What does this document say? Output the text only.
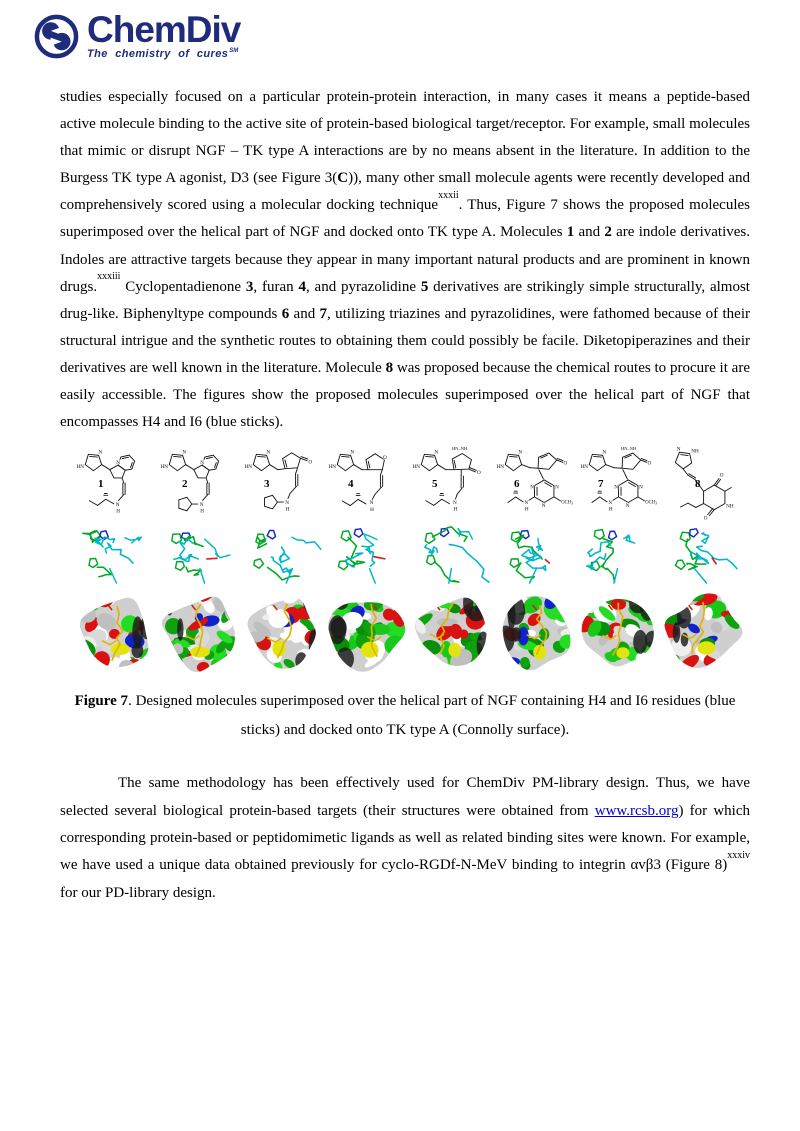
ChemDiv
The chemistry of cures℠

studies especially focused on a particular protein-protein interaction, in many cases it means a peptide-based active molecule binding to the active site of protein-based biological target/receptor. For example, small molecules that mimic or disrupt NGF – TK type A interactions are by no means absent in the literature. In addition to the Burgess TK type A agonist, D3 (see Figure 3(C)), many other small molecule agents were recently developed and comprehensively scored using a molecular docking technique$^{xxxii}$. Thus, Figure 7 shows the proposed molecules superimposed over the helical part of NGF and docked onto TK type A. Molecules 1 and 2 are indole derivatives. Indoles are attractive targets because they appear in many important natural products and are prominent in known drugs.$^{xxxiii}$ Cyclopentadienone 3, furan 4, and pyrazolidine 5 derivatives are strikingly simple structurally, almost drug-like. Biphenyltype compounds 6 and 7, utilizing triazines and pyrazolidines, were fathomed because of their structural intrigue and the synthetic routes to obtaining them could possibly be facile. Diketopiperazines and their derivatives are well known in the literature. Molecule 8 was proposed because the chemical routes to procure it are easily accessible. The figures show the proposed molecules superimposed over the helical part of NGF that encompasses H4 and I6 (blue sticks).

HN
N
N
N
H
1
HN
N
N
N
H
2
HN
N
O
N
H
3
HN
N
O
N
H
4
HN
N
HN–NH
O
N
H
5
HN
N
O
N	N
N
$OCH_3$
N
H
6
HN
N
HN–NH
O
N	N
N
$OCH_3$
N
H
7
N NH
O
NH
O
8

Figure 7. Designed molecules superimposed over the helical part of NGF containing H4 and I6 residues (blue sticks) and docked onto TK type A (Connolly surface).

The same methodology has been effectively used for ChemDiv PM-library design. Thus, we have selected several biological protein-based targets (their structures were obtained from www.rcsb.org) for which corresponding protein-based or peptidomimetic ligands as well as related binding sites were known. For example, we have used a unique data obtained previously for cyclo-RGDf-N-MeV binding to integrin αvβ3 (Figure 8)$^{xxxiv}$ for our PD-library design.
